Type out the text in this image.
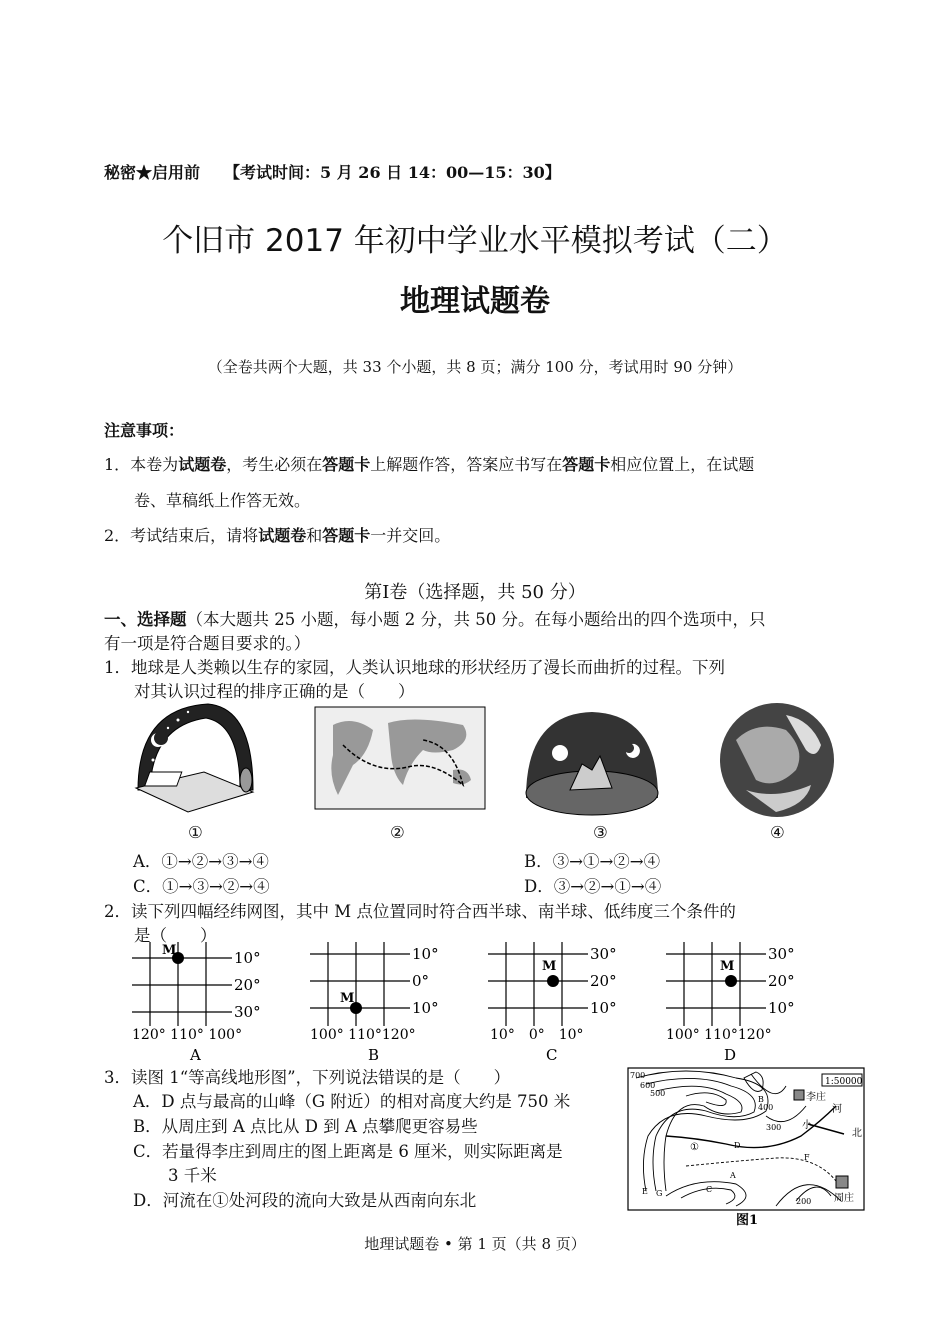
秘密★启用前　　 【考试时间：5 月 26 日 14：00—15：30】
个旧市 2017 年初中学业水平模拟考试（二）
地理试题卷
（全卷共两个大题，共 33 个小题，共 8 页；满分 100 分，考试用时 90 分钟）
注意事项：
1．本卷为试题卷，考生必须在答题卡上解题作答，答案应书写在答题卡相应位置上，在试题
卷、草稿纸上作答无效。
2．考试结束后，请将试题卷和答题卡一并交回。
第Ⅰ卷（选择题，共 50 分）
一、选择题（本大题共 25 小题，每小题 2 分，共 50 分。在每小题给出的四个选项中，只
有一项是符合题目要求的。）
1．地球是人类赖以生存的家园，人类认识地球的形状经历了漫长而曲折的过程。下列
对其认识过程的排序正确的是（　　）
①	②	③	④
A．①→②→③→④	B．③→①→②→④
C．①→③→②→④	D．③→②→①→④
2．读下列四幅经纬网图，其中 M 点位置同时符合西半球、南半球、低纬度三个条件的
是（　　）
M	10°
20°
30°
120° 110° 100°
A
M
10°
0°
10°
100° 110°120°
B
M
30°
20°
10°
10°　0°　10°
C
M
30°
20°
10°
100° 110°120°
D
3．读图 1“等高线地形图”，下列说法错误的是（　　）
A．D 点与最高的山峰（G 附近）的相对高度大约是 750 米
B．从周庄到 A 点比从 D 到 A 点攀爬更容易些
C．若量得李庄到周庄的图上距离是 6 厘米，则实际距离是
3 千米
D．河流在①处河段的流向大致是从西南向东北
1:50000
李庄
周庄
河
小
北
700
600
500
400
300
200
B
D
F
A
C
G
①
E
图1
地理试题卷 • 第 1 页（共 8 页）
